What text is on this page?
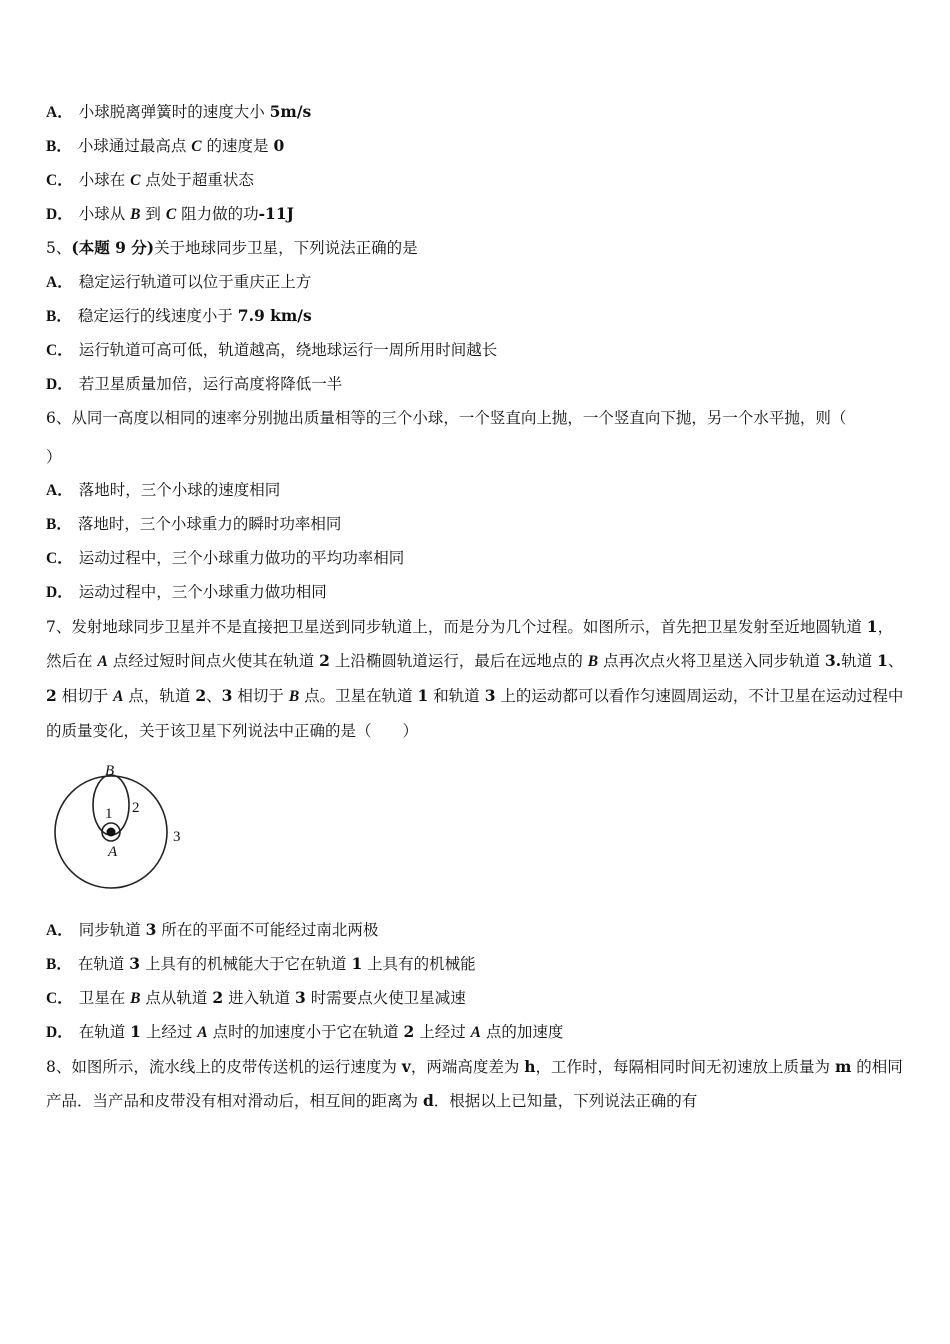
A． 小球脱离弹簧时的速度大小 5m/s
B． 小球通过最高点 C 的速度是 0
C． 小球在 C 点处于超重状态
D． 小球从 B 到 C 阻力做的功-11J
5、(本题 9 分)关于地球同步卫星，下列说法正确的是
A． 稳定运行轨道可以位于重庆正上方
B． 稳定运行的线速度小于 7.9 km/s
C． 运行轨道可高可低，轨道越高，绕地球运行一周所用时间越长
D． 若卫星质量加倍，运行高度将降低一半
6、从同一高度以相同的速率分别抛出质量相等的三个小球，一个竖直向上抛，一个竖直向下抛，另一个水平抛，则（
）
A． 落地时，三个小球的速度相同
B． 落地时，三个小球重力的瞬时功率相同
C． 运动过程中，三个小球重力做功的平均功率相同
D． 运动过程中，三个小球重力做功相同
7、发射地球同步卫星并不是直接把卫星送到同步轨道上，而是分为几个过程。如图所示，首先把卫星发射至近地圆轨道 1，然后在 A 点经过短时间点火使其在轨道 2 上沿椭圆轨道运行，最后在远地点的 B 点再次点火将卫星送入同步轨道 3.轨道 1、2 相切于 A 点，轨道 2、3 相切于 B 点。卫星在轨道 1 和轨道 3 上的运动都可以看作匀速圆周运动，不计卫星在运动过程中的质量变化，关于该卫星下列说法中正确的是（　　）
B
1 2
A
3
A． 同步轨道 3 所在的平面不可能经过南北两极
B． 在轨道 3 上具有的机械能大于它在轨道 1 上具有的机械能
C． 卫星在 B 点从轨道 2 进入轨道 3 时需要点火使卫星减速
D． 在轨道 1 上经过 A 点时的加速度小于它在轨道 2 上经过 A 点的加速度
8、如图所示，流水线上的皮带传送机的运行速度为 v，两端高度差为 h，工作时，每隔相同时间无初速放上质量为 m 的相同产品．当产品和皮带没有相对滑动后，相互间的距离为 d．根据以上已知量，下列说法正确的有
